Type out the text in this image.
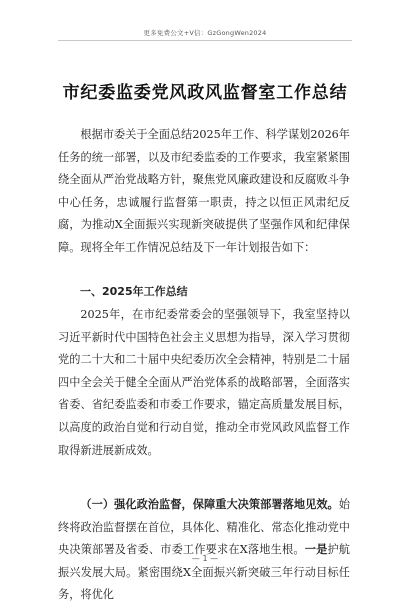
更多免费公文+V信：GzGongWen2024
市纪委监委党风政风监督室工作总结

根据市委关于全面总结2025年工作、科学谋划2026年任务的统一部署，以及市纪委监委的工作要求，我室紧紧围绕全面从严治党战略方针，聚焦党风廉政建设和反腐败斗争中心任务，忠诚履行监督第一职责，持之以恒正风肃纪反腐，为推动X全面振兴实现新突破提供了坚强作风和纪律保障。现将全年工作情况总结及下一年计划报告如下：

一、2025年工作总结

2025年，在市纪委常委会的坚强领导下，我室坚持以习近平新时代中国特色社会主义思想为指导，深入学习贯彻党的二十大和二十届中央纪委历次全会精神，特别是二十届四中全会关于健全全面从严治党体系的战略部署，全面落实省委、省纪委监委和市委工作要求，锚定高质量发展目标，以高度的政治自觉和行动自觉，推动全市党风政风监督工作取得新进展新成效。

（一）强化政治监督，保障重大决策部署落地见效。始终将政治监督摆在首位，具体化、精准化、常态化推动党中央决策部署及省委、市委工作要求在X落地生根。一是护航振兴发展大局。紧密围绕X全面振兴新突破三年行动目标任务，将优化

— 1 —
